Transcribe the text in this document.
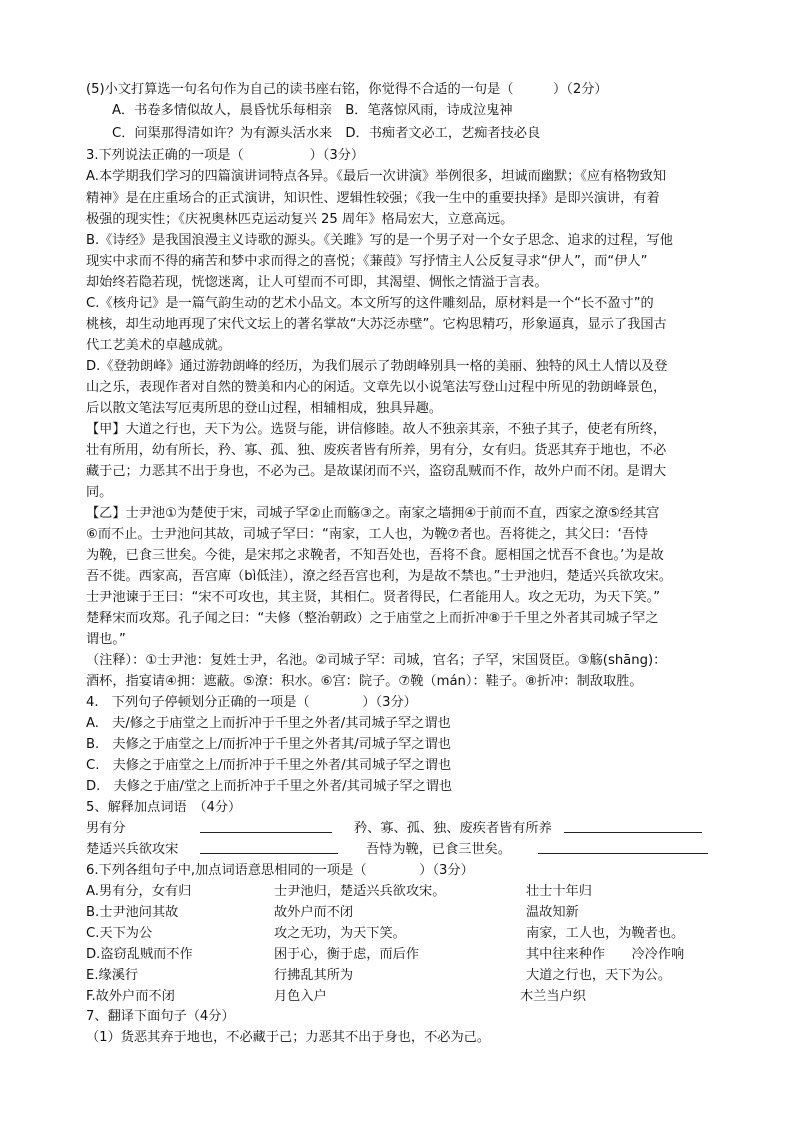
(5)小文打算选一句名句作为自己的读书座右铭，你觉得不合适的一句是（　　　）（2分）
A．书卷多情似故人，晨昏忧乐每相亲　B．笔落惊风雨，诗成泣鬼神
C．问渠那得清如许？为有源头活水来　D．书痴者文必工，艺痴者技必良
3.下列说法正确的一项是（　　　　　）（3分）
A.本学期我们学习的四篇演讲词特点各异。《最后一次讲演》举例很多，坦诚而幽默；《应有格物致知
精神》是在庄重场合的正式演讲，知识性、逻辑性较强；《我一生中的重要抉择》是即兴演讲，有着
极强的现实性；《庆祝奥林匹克运动复兴 25 周年》格局宏大，立意高远。
B.《诗经》是我国浪漫主义诗歌的源头。《关雎》写的是一个男子对一个女子思念、追求的过程，写他
现实中求而不得的痛苦和梦中求而得之的喜悦；《蒹葭》写抒情主人公反复寻求“伊人”，而“伊人”
却始终若隐若现，恍惚迷离，让人可望而不可即，其渴望、惆怅之情溢于言表。
C.《核舟记》是一篇气韵生动的艺术小品文。本文所写的这件雕刻品，原材料是一个“长不盈寸”的
桃核，却生动地再现了宋代文坛上的著名掌故“大苏泛赤壁”。它构思精巧，形象逼真，显示了我国古
代工艺美术的卓越成就。
D.《登勃朗峰》通过游勃朗峰的经历，为我们展示了勃朗峰别具一格的美丽、独特的风土人情以及登
山之乐，表现作者对自然的赞美和内心的闲适。文章先以小说笔法写登山过程中所见的勃朗峰景色，
后以散文笔法写厄夷所思的登山过程，相辅相成，独具异趣。
【甲】大道之行也，天下为公。选贤与能，讲信修睦。故人不独亲其亲，不独子其子，使老有所终，
壮有所用，幼有所长，矜、寡、孤、独、废疾者皆有所养，男有分，女有归。货恶其弃于地也，不必
藏于己；力恶其不出于身也，不必为己。是故谋闭而不兴，盗窃乱贼而不作，故外户而不闭。是谓大
同。
【乙】士尹池①为楚使于宋，司城子罕②止而觞③之。南家之墙拥④于前而不直，西家之潦⑤经其宫
⑥而不止。士尹池问其故，司城子罕曰：“南家，工人也，为鞔⑦者也。吾将徙之，其父曰：‘吾恃
为鞔，已食三世矣。今徙，是宋邦之求鞔者，不知吾处也，吾将不食。愿相国之忧吾不食也。’为是故
吾不徙。西家高，吾宫庳（bì低洼），潦之经吾宫也利，为是故不禁也。”士尹池归，楚适兴兵欲攻宋。
士尹池谏于王曰：“宋不可攻也，其主贤，其相仁。贤者得民，仁者能用人。攻之无功，为天下笑。”
楚释宋而攻郑。孔子闻之曰：“夫修（整治朝政）之于庙堂之上而折冲⑧于千里之外者其司城子罕之
谓也。”
（注释）：①士尹池：复姓士尹，名池。②司城子罕：司城，官名；子罕，宋国贤臣。③觞(shāng)：
酒杯，指宴请④拥：遮蔽。⑤潦：积水。⑥宫：院子。⑦鞔（mán）：鞋子。⑧折冲：制敌取胜。
4.　下列句子停顿划分正确的一项是（　　　　）（3分）
A.　夫/修之于庙堂之上而折冲于千里之外者/其司城子罕之谓也
B.　夫修之于庙堂之上/而折冲于千里之外者其/司城子罕之谓也
C.　夫修之于庙堂之上/而折冲于千里之外者/其司城子罕之谓也
D.　夫修之于庙/堂之上而折冲于千里之外者/其司城子罕之谓也
5、解释加点词语　（4分）
男有分	矜、寡、孤、独、废疾者皆有所养
楚适兴兵欲攻宋	吾恃为鞔，已食三世矣。
6.下列各组句子中,加点词语意思相同的一项是（　　　　）（3分）
A.男有分，女有归	士尹池归，楚适兴兵欲攻宋。	壮士十年归
B.士尹池问其故	故外户而不闭	温故知新
C.天下为公	攻之无功，为天下笑。	南家，工人也，为鞔者也。
D.盗窃乱贼而不作	困于心，衡于虑，而后作	其中往来种作　　冷冷作响
E.缘溪行	行拂乱其所为	大道之行也，天下为公。
F.故外户而不闭	月色入户	木兰当户织
7、翻译下面句子（4分）
（1）货恶其弃于地也，不必藏于己；力恶其不出于身也，不必为己。
